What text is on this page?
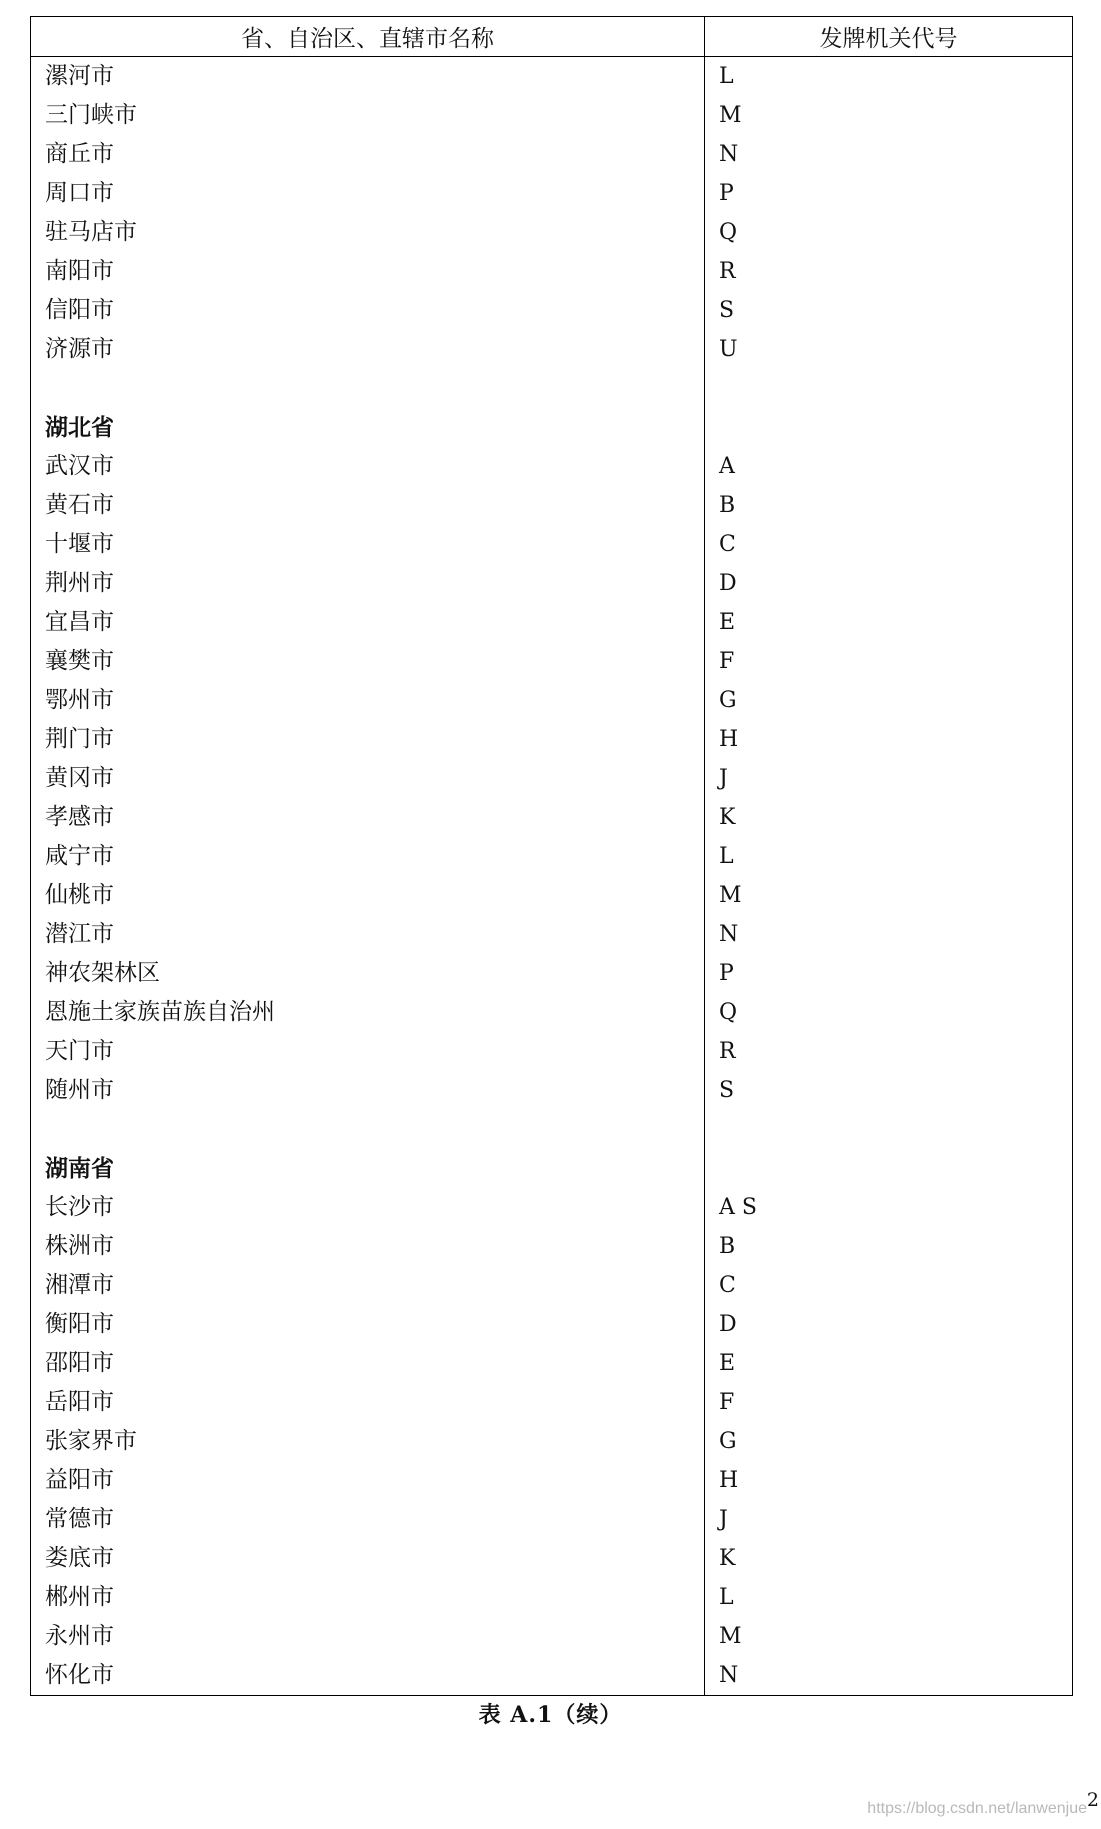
省、自治区、直辖市名称	发牌机关代号
漯河市
三门峡市
商丘市
周口市
驻马店市
南阳市
信阳市
济源市
湖北省
武汉市
黄石市
十堰市
荆州市
宜昌市
襄樊市
鄂州市
荆门市
黄冈市
孝感市
咸宁市
仙桃市
潜江市
神农架林区
恩施土家族苗族自治州
天门市
随州市
湖南省
长沙市
株洲市
湘潭市
衡阳市
邵阳市
岳阳市
张家界市
益阳市
常德市
娄底市
郴州市
永州市
怀化市
L
M
N
P
Q
R
S
U
A
B
C
D
E
F
G
H
J
K
L
M
N
P
Q
R
S
A S
B
C
D
E
F
G
H
J
K
L
M
N
表 A.1（续）
2
https://blog.csdn.net/lanwenjue
